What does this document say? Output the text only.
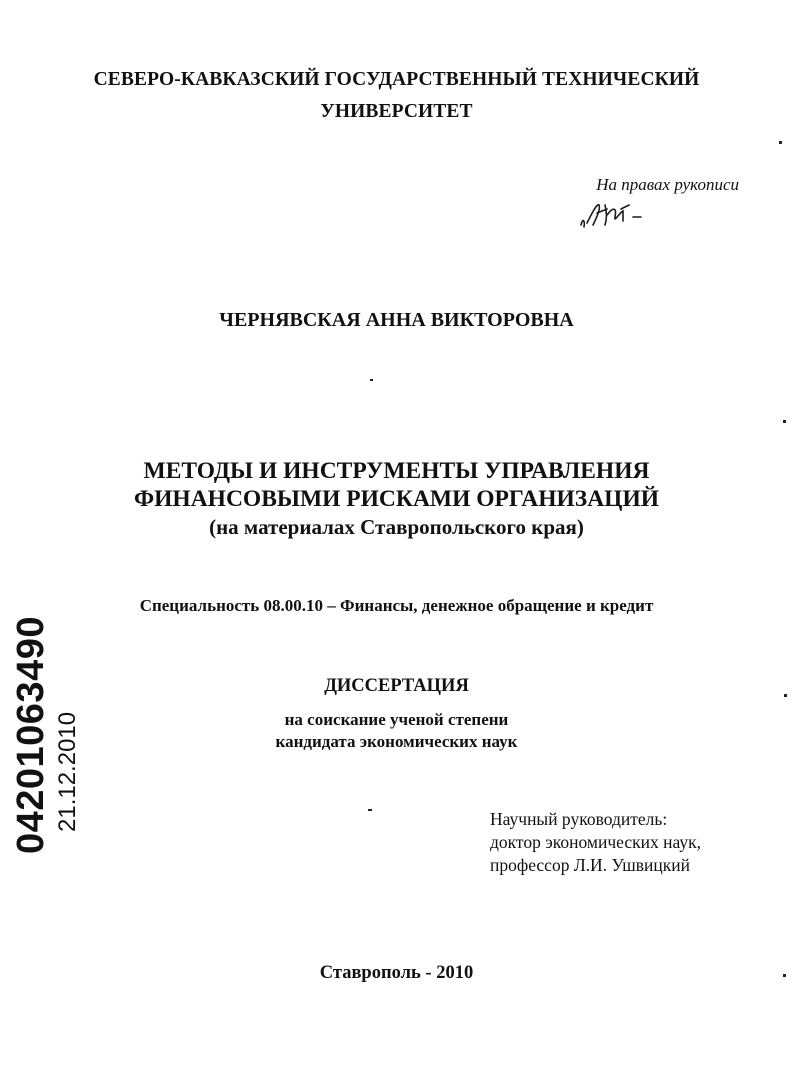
СЕВЕРО-КАВКАЗСКИЙ ГОСУДАРСТВЕННЫЙ ТЕХНИЧЕСКИЙ
УНИВЕРСИТЕТ
На правах рукописи
ЧЕРНЯВСКАЯ АННА ВИКТОРОВНА
МЕТОДЫ И ИНСТРУМЕНТЫ УПРАВЛЕНИЯ
ФИНАНСОВЫМИ РИСКАМИ ОРГАНИЗАЦИЙ
(на материалах Ставропольского края)
Специальность 08.00.10 – Финансы, денежное обращение и кредит
ДИССЕРТАЦИЯ
на соискание ученой степени
кандидата экономических наук
Научный руководитель:
доктор экономических наук,
профессор Л.И. Ушвицкий
Ставрополь - 2010
04201063490 21.12.2010
